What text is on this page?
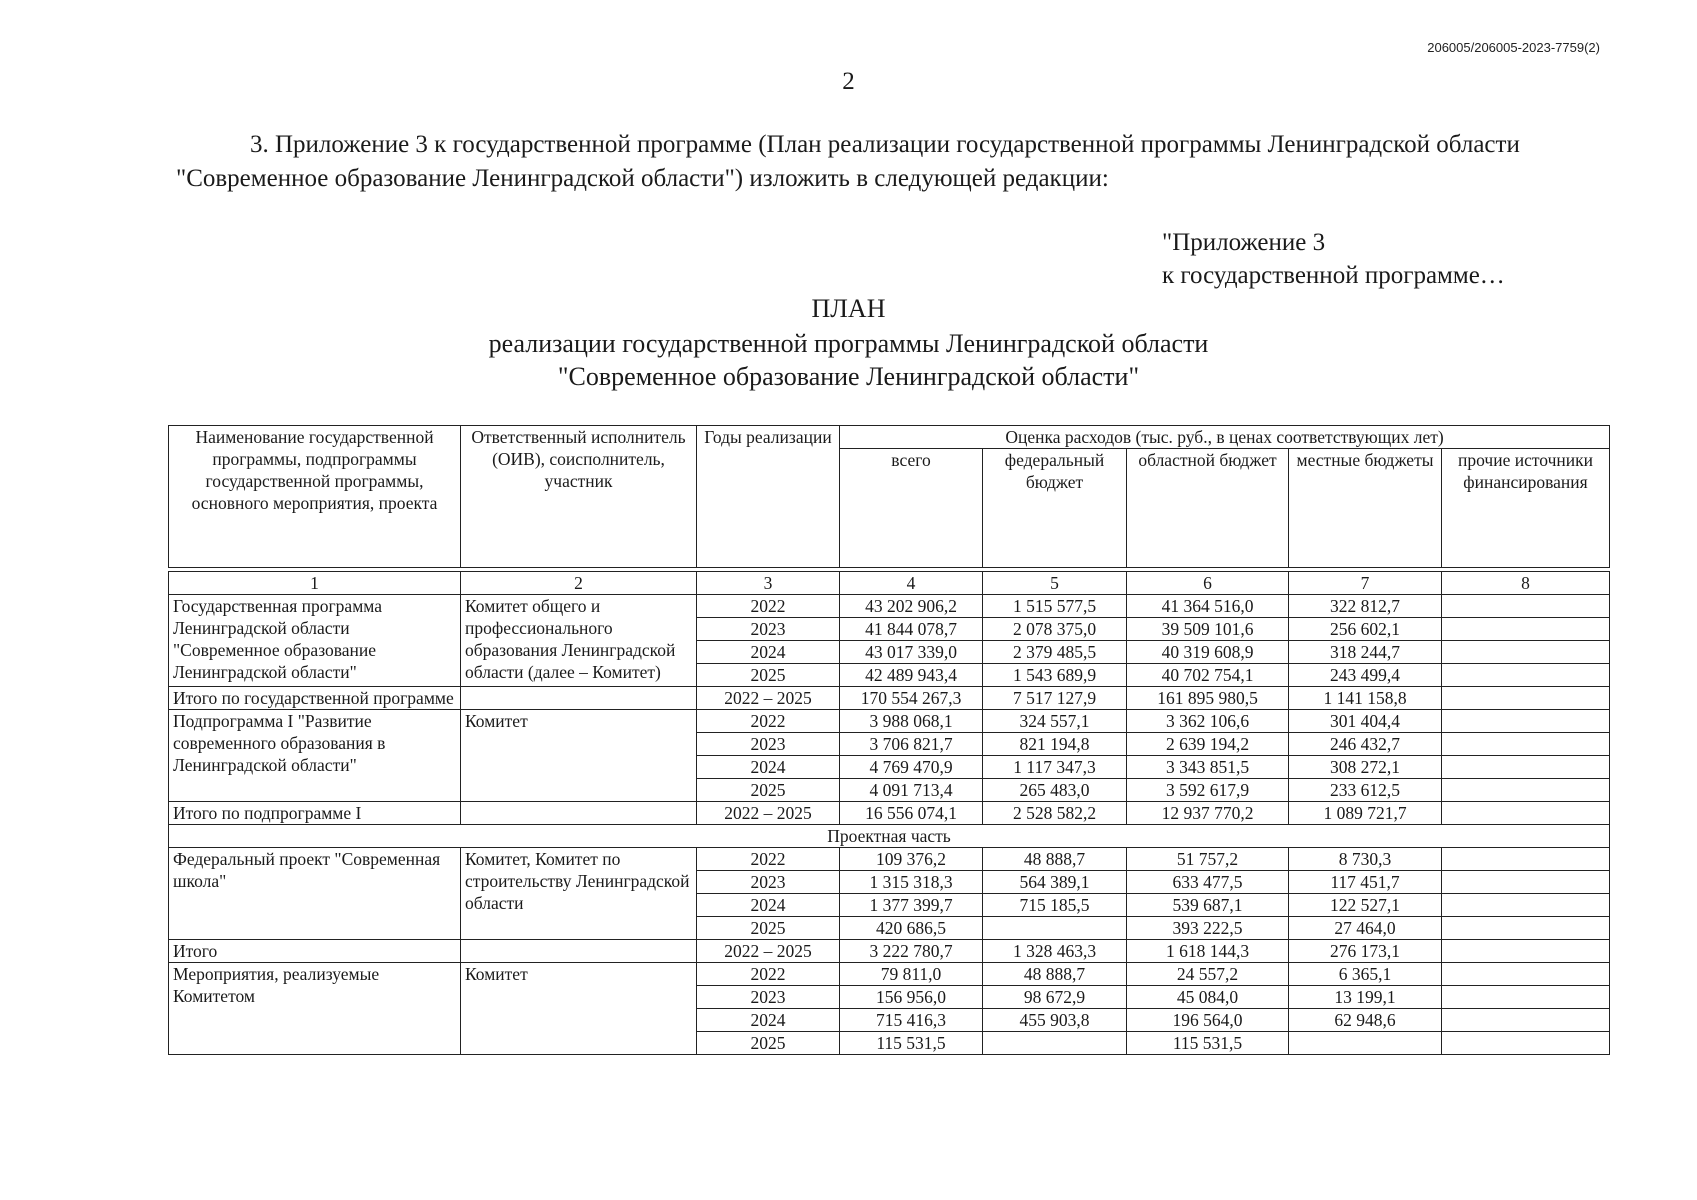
206005/206005-2023-7759(2)
2
3. Приложение 3 к государственной программе (План реализации государственной программы Ленинградской области "Современное образование Ленинградской области") изложить в следующей редакции:
"Приложение 3
к государственной программе…
ПЛАН
реализации государственной программы Ленинградской области
"Современное образование Ленинградской области"
Наименование государственной программы, подпрограммы государственной программы, основного мероприятия, проекта	Ответственный исполнитель (ОИВ), соисполнитель, участник	Годы реализации	Оценка расходов (тыс. руб., в ценах соответствующих лет)				
			всего	федеральный бюджет	областной бюджет	местные бюджеты	прочие источники финансирования

1	2	3	4	5	6	7	8
Государственная программа Ленинградской области "Современное образование Ленинградской области"	Комитет общего и профессионального образования Ленинградской области (далее – Комитет)	2022	43 202 906,2	1 515 577,5	41 364 516,0	322 812,7	
		2023	41 844 078,7	2 078 375,0	39 509 101,6	256 602,1	
		2024	43 017 339,0	2 379 485,5	40 319 608,9	318 244,7	
		2025	42 489 943,4	1 543 689,9	40 702 754,1	243 499,4	
Итого по государственной программе		2022 – 2025	170 554 267,3	7 517 127,9	161 895 980,5	1 141 158,8	
Подпрограмма I "Развитие современного образования в Ленинградской области"	Комитет	2022	3 988 068,1	324 557,1	3 362 106,6	301 404,4	
		2023	3 706 821,7	821 194,8	2 639 194,2	246 432,7	
		2024	4 769 470,9	1 117 347,3	3 343 851,5	308 272,1	
		2025	4 091 713,4	265 483,0	3 592 617,9	233 612,5	
Итого по подпрограмме I		2022 – 2025	16 556 074,1	2 528 582,2	12 937 770,2	1 089 721,7	
Проектная часть							
Федеральный проект "Современная школа"	Комитет, Комитет по строительству Ленинградской области	2022	109 376,2	48 888,7	51 757,2	8 730,3	
		2023	1 315 318,3	564 389,1	633 477,5	117 451,7	
		2024	1 377 399,7	715 185,5	539 687,1	122 527,1	
		2025	420 686,5		393 222,5	27 464,0	
Итого		2022 – 2025	3 222 780,7	1 328 463,3	1 618 144,3	276 173,1	
Мероприятия, реализуемые Комитетом	Комитет	2022	79 811,0	48 888,7	24 557,2	6 365,1	
		2023	156 956,0	98 672,9	45 084,0	13 199,1	
		2024	715 416,3	455 903,8	196 564,0	62 948,6	
		2025	115 531,5		115 531,5		
